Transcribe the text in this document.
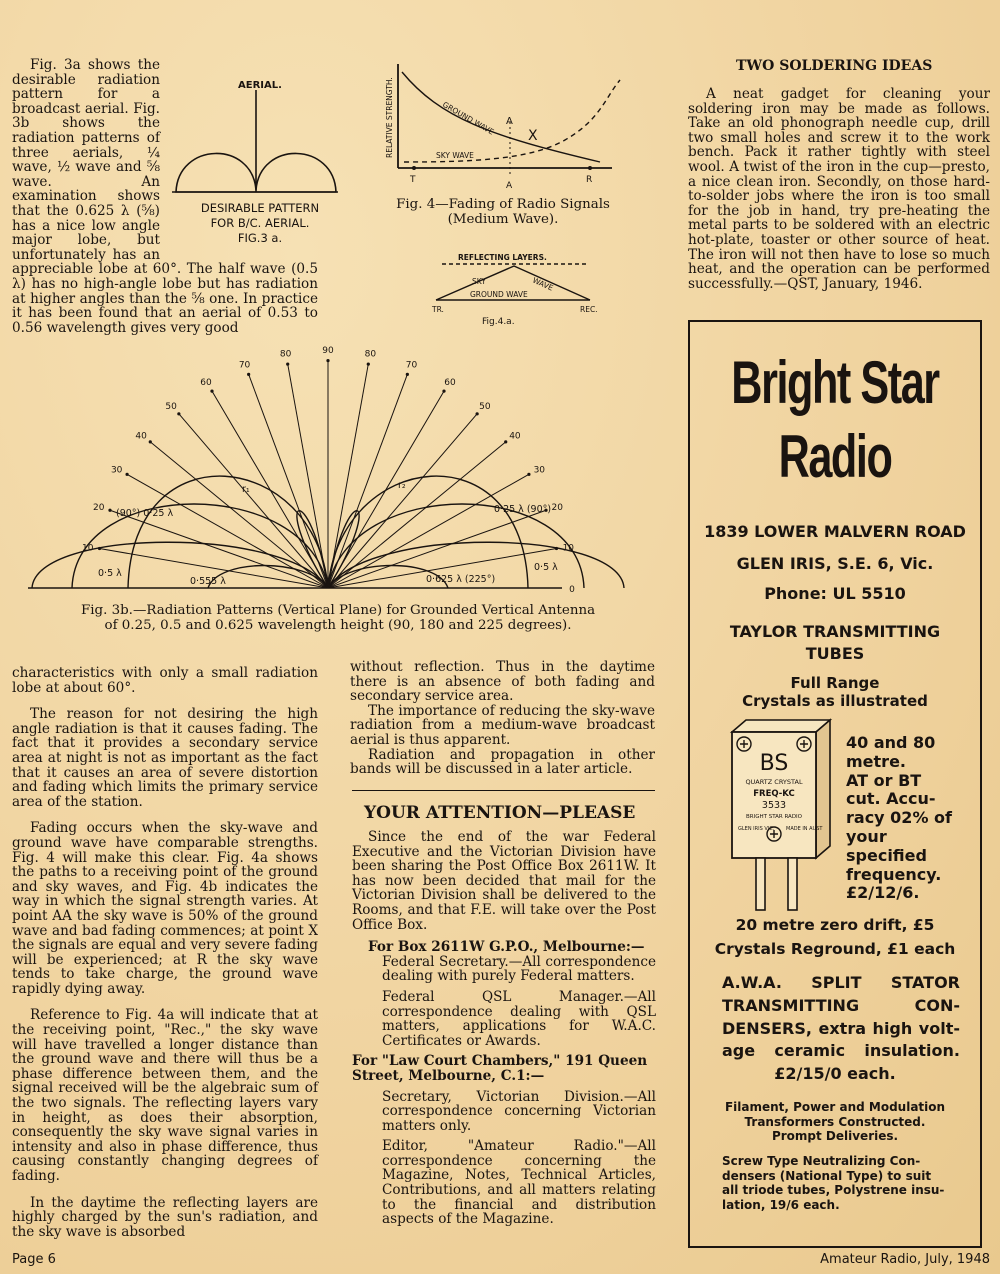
Fig. 3a shows the desirable radiation pattern for a broadcast aerial. Fig. 3b shows the radiation patterns of three aerials, ¼ wave, ½ wave and ⅝ wave. An examination shows that the 0.625 λ (⅝) has a nice low angle major lobe, but unfortunately has an appreciable lobe at 60°. The half wave (0.5 λ) has no high-angle lobe but has radiation at higher angles than the ⅝ one. In practice it has been found that an aerial of 0.53 to 0.56 wavelength gives very good

AERIAL.
DESIRABLE PATTERN
FOR B/C. AERIAL.
FIG.3 a.
RELATIVE STRENGTH.	GROUND WAVE
SKY WAVE
X
A
T
A
R
Fig. 4—Fading of Radio Signals
(Medium Wave).
REFLECTING LAYERS.
SKY	WAVE
GROUND WAVE
TR.	REC.
Fig.4.a.
90	80
70
60
50
40
30
20
10
0
80
70
60
50
40
30
20
10
(90°) 0·25 λ	0·25 λ (90°)
0·5 λ
0·5 λ
0·555 λ	0·625 λ (225°)
r₁	r₂
Fig. 3b.—Radiation Patterns (Vertical Plane) for Grounded Vertical Antenna
of 0.25, 0.5 and 0.625 wavelength height (90, 180 and 225 degrees).
TWO SOLDERING IDEAS

A neat gadget for cleaning your soldering iron may be made as follows. Take an old phonograph needle cup, drill two small holes and screw it to the work bench. Pack it rather tightly with steel wool. A twist of the iron in the cup—presto, a nice clean iron. Secondly, on those hard-to-solder jobs where the iron is too small for the job in hand, try pre-heating the metal parts to be soldered with an electric hot-plate, toaster or other source of heat. The iron will not then have to lose so much heat, and the operation can be performed successfully.—QST, January, 1946.

characteristics with only a small radiation lobe at about 60°.

The reason for not desiring the high angle radiation is that it causes fading. The fact that it provides a secondary service area at night is not as important as the fact that it causes an area of severe distortion and fading which limits the primary service area of the station.

Fading occurs when the sky-wave and ground wave have comparable strengths. Fig. 4 will make this clear. Fig. 4a shows the paths to a receiving point of the ground and sky waves, and Fig. 4b indicates the way in which the signal strength varies. At point AA the sky wave is 50% of the ground wave and bad fading commences; at point X the signals are equal and very severe fading will be experienced; at R the sky wave tends to take charge, the ground wave rapidly dying away.

Reference to Fig. 4a will indicate that at the receiving point, "Rec.," the sky wave will have travelled a longer distance than the ground wave and there will thus be a phase difference between them, and the signal received will be the algebraic sum of the two signals. The reflecting layers vary in height, as does their absorption, consequently the sky wave signal varies in intensity and also in phase difference, thus causing constantly changing degrees of fading.

In the daytime the reflecting layers are highly charged by the sun's radiation, and the sky wave is absorbed

without reflection. Thus in the daytime there is an absence of both fading and secondary service area.

The importance of reducing the sky-wave radiation from a medium-wave broadcast aerial is thus apparent.

Radiation and propagation in other bands will be discussed in a later article.

YOUR ATTENTION—PLEASE

Since the end of the war Federal Executive and the Victorian Division have been sharing the Post Office Box 2611W. It has now been decided that mail for the Victorian Division shall be delivered to the Rooms, and that F.E. will take over the Post Office Box.

For Box 2611W G.P.O., Melbourne:—
Federal Secretary.—All correspondence dealing with purely Federal matters.
Federal QSL Manager.—All correspondence dealing with QSL matters, applications for W.A.C. Certificates or Awards.
For "Law Court Chambers," 191 Queen Street, Melbourne, C.1:—
Secretary, Victorian Division.—All correspondence concerning Victorian matters only.
Editor, "Amateur Radio."—All correspondence concerning the Magazine, Notes, Technical Articles, Contributions, and all matters relating to the financial and distribution aspects of the Magazine.
Bright Star
Radio
1839 LOWER MALVERN ROAD
GLEN IRIS, S.E. 6, Vic.
Phone: UL 5510
TAYLOR TRANSMITTING
TUBES
Full Range
Crystals as illustrated
BS
QUARTZ CRYSTAL
FREQ-KC
3533
BRIGHT STAR RADIO
GLEN IRIS VIC. MADE IN AUST
40 and 80
metre.
AT or BT
cut. Accu-
racy 02% of
your
specified
frequency.
£2/12/6.
20 metre zero drift, £5
Crystals Reground, £1 each
A.W.A. SPLIT STATOR
TRANSMITTING CON-
DENSERS, extra high volt-
age ceramic insulation.
£2/15/0 each.
Filament, Power and Modulation
Transformers Constructed.
Prompt Deliveries.
Screw Type Neutralizing Con-
densers (National Type) to suit
all triode tubes, Polystrene insu-
lation, 19/6 each.
Page 6	Amateur Radio, July, 1948
